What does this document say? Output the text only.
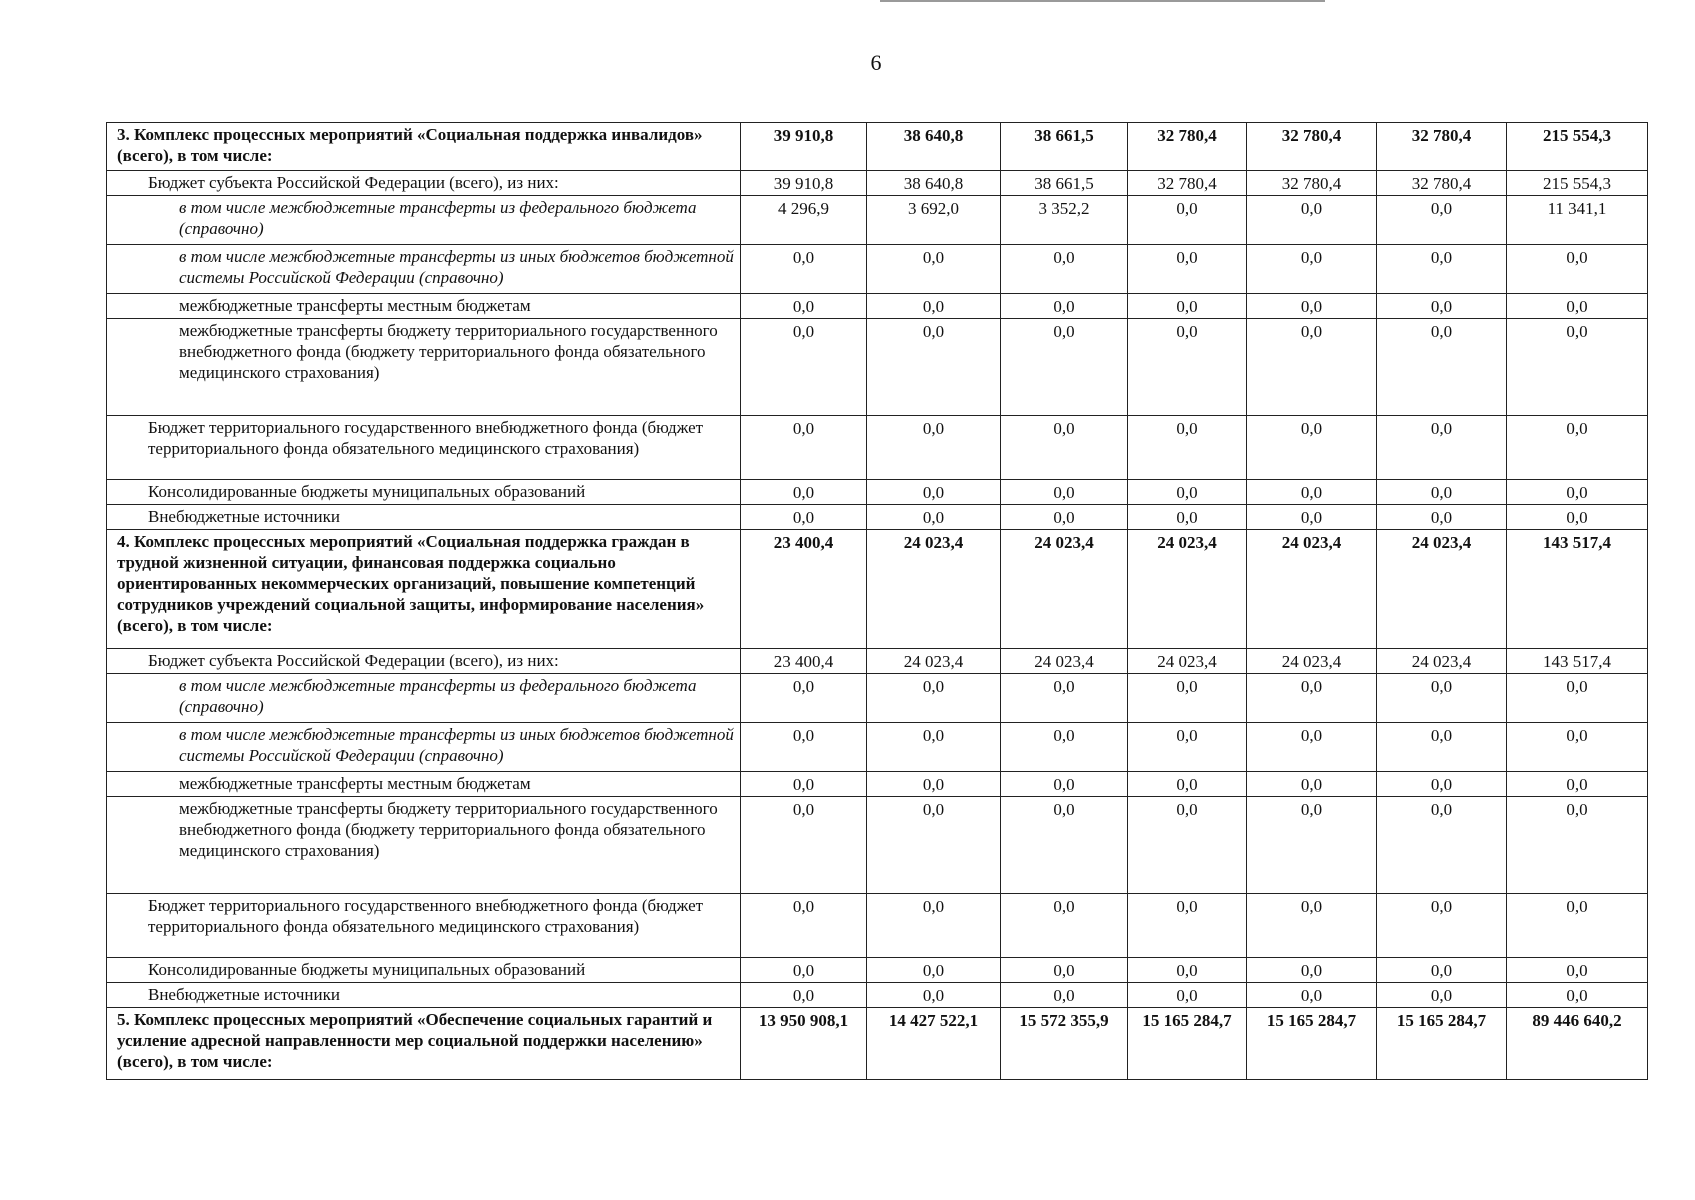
6
3. Комплекс процессных мероприятий «Социальная поддержка инвалидов» (всего), в том числе:	39 910,8	38 640,8	38 661,5	32 780,4	32 780,4	32 780,4	215 554,3
Бюджет субъекта Российской Федерации (всего), из них:	39 910,8	38 640,8	38 661,5	32 780,4	32 780,4	32 780,4	215 554,3
в том числе межбюджетные трансферты из федерального бюджета (справочно)	4 296,9	3 692,0	3 352,2	0,0	0,0	0,0	11 341,1
в том числе межбюджетные трансферты из иных бюджетов бюджетной системы Российской Федерации (справочно)	0,0	0,0	0,0	0,0	0,0	0,0	0,0
межбюджетные трансферты местным бюджетам	0,0	0,0	0,0	0,0	0,0	0,0	0,0
межбюджетные трансферты бюджету территориального государственного внебюджетного фонда (бюджету территориального фонда обязательного медицинского страхования)	0,0	0,0	0,0	0,0	0,0	0,0	0,0
Бюджет территориального государственного внебюджетного фонда (бюджет территориального фонда обязательного медицинского страхования)	0,0	0,0	0,0	0,0	0,0	0,0	0,0
Консолидированные бюджеты муниципальных образований	0,0	0,0	0,0	0,0	0,0	0,0	0,0
Внебюджетные источники	0,0	0,0	0,0	0,0	0,0	0,0	0,0
4. Комплекс процессных мероприятий «Социальная поддержка граждан в трудной жизненной ситуации, финансовая поддержка социально ориентированных некоммерческих организаций, повышение компетенций сотрудников учреждений социальной защиты, информирование населения» (всего), в том числе:	23 400,4	24 023,4	24 023,4	24 023,4	24 023,4	24 023,4	143 517,4
Бюджет субъекта Российской Федерации (всего), из них:	23 400,4	24 023,4	24 023,4	24 023,4	24 023,4	24 023,4	143 517,4
в том числе межбюджетные трансферты из федерального бюджета (справочно)	0,0	0,0	0,0	0,0	0,0	0,0	0,0
в том числе межбюджетные трансферты из иных бюджетов бюджетной системы Российской Федерации (справочно)	0,0	0,0	0,0	0,0	0,0	0,0	0,0
межбюджетные трансферты местным бюджетам	0,0	0,0	0,0	0,0	0,0	0,0	0,0
межбюджетные трансферты бюджету территориального государственного внебюджетного фонда (бюджету территориального фонда обязательного медицинского страхования)	0,0	0,0	0,0	0,0	0,0	0,0	0,0
Бюджет территориального государственного внебюджетного фонда (бюджет территориального фонда обязательного медицинского страхования)	0,0	0,0	0,0	0,0	0,0	0,0	0,0
Консолидированные бюджеты муниципальных образований	0,0	0,0	0,0	0,0	0,0	0,0	0,0
Внебюджетные источники	0,0	0,0	0,0	0,0	0,0	0,0	0,0
5. Комплекс процессных мероприятий «Обеспечение социальных гарантий и усиление адресной направленности мер социальной поддержки населению» (всего), в том числе:	13 950 908,1	14 427 522,1	15 572 355,9	15 165 284,7	15 165 284,7	15 165 284,7	89 446 640,2
